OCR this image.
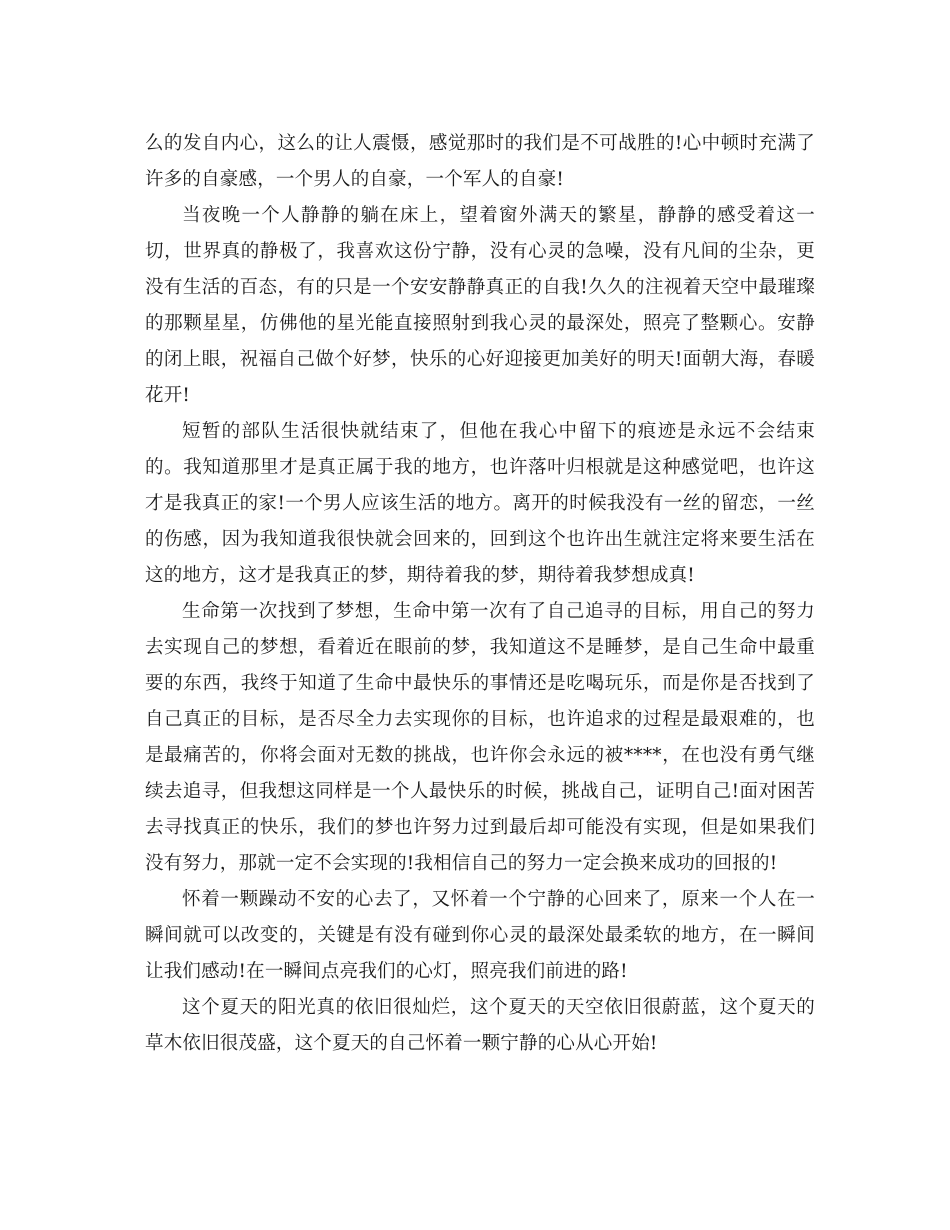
么的发自内心，这么的让人震慑，感觉那时的我们是不可战胜的!心中顿时充满了许多的自豪感，一个男人的自豪，一个军人的自豪!

当夜晚一个人静静的躺在床上，望着窗外满天的繁星，静静的感受着这一切，世界真的静极了，我喜欢这份宁静，没有心灵的急噪，没有凡间的尘杂，更没有生活的百态，有的只是一个安安静静真正的自我!久久的注视着天空中最璀璨的那颗星星，仿佛他的星光能直接照射到我心灵的最深处，照亮了整颗心。安静的闭上眼，祝福自己做个好梦，快乐的心好迎接更加美好的明天!面朝大海，春暖花开!

短暂的部队生活很快就结束了，但他在我心中留下的痕迹是永远不会结束的。我知道那里才是真正属于我的地方，也许落叶归根就是这种感觉吧，也许这才是我真正的家!一个男人应该生活的地方。离开的时候我没有一丝的留恋，一丝的伤感，因为我知道我很快就会回来的，回到这个也许出生就注定将来要生活在这的地方，这才是我真正的梦，期待着我的梦，期待着我梦想成真!

生命第一次找到了梦想，生命中第一次有了自己追寻的目标，用自己的努力去实现自己的梦想，看着近在眼前的梦，我知道这不是睡梦，是自己生命中最重要的东西，我终于知道了生命中最快乐的事情还是吃喝玩乐，而是你是否找到了自己真正的目标，是否尽全力去实现你的目标，也许追求的过程是最艰难的，也是最痛苦的，你将会面对无数的挑战，也许你会永远的被****，在也没有勇气继续去追寻，但我想这同样是一个人最快乐的时候，挑战自己，证明自己!面对困苦去寻找真正的快乐，我们的梦也许努力过到最后却可能没有实现，但是如果我们没有努力，那就一定不会实现的!我相信自己的努力一定会换来成功的回报的!

怀着一颗躁动不安的心去了，又怀着一个宁静的心回来了，原来一个人在一瞬间就可以改变的，关键是有没有碰到你心灵的最深处最柔软的地方，在一瞬间让我们感动!在一瞬间点亮我们的心灯，照亮我们前进的路!

这个夏天的阳光真的依旧很灿烂，这个夏天的天空依旧很蔚蓝，这个夏天的草木依旧很茂盛，这个夏天的自己怀着一颗宁静的心从心开始!
